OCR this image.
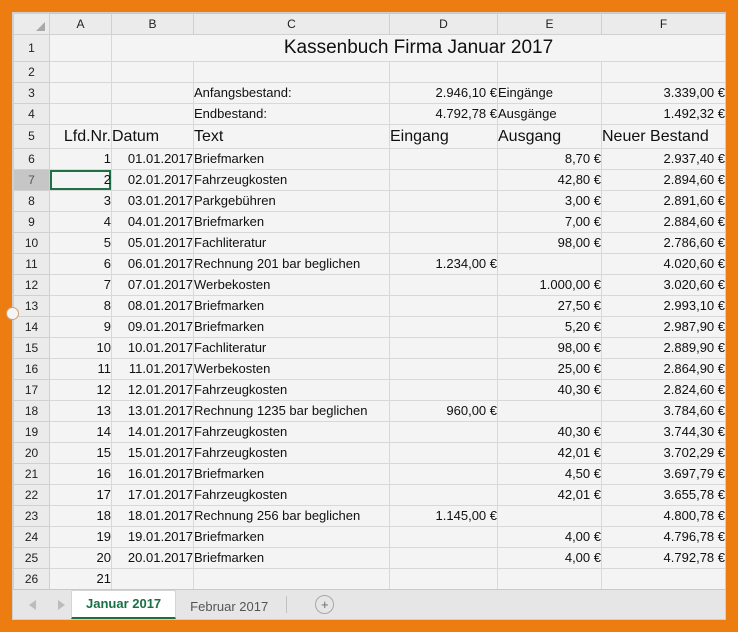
	A	B	C	D	E	F
1		Kassenbuch Firma Januar 2017				
2						
3			Anfangsbestand:	2.946,10 €	Eingänge	3.339,00 €
4			Endbestand:	4.792,78 €	Ausgänge	1.492,32 €
5	Lfd.Nr.	Datum	Text	Eingang	Ausgang	Neuer Bestand
6	1	01.01.2017	Briefmarken		8,70 €	2.937,40 €
7	2	02.01.2017	Fahrzeugkosten		42,80 €	2.894,60 €
8	3	03.01.2017	Parkgebühren		3,00 €	2.891,60 €
9	4	04.01.2017	Briefmarken		7,00 €	2.884,60 €
10	5	05.01.2017	Fachliteratur		98,00 €	2.786,60 €
11	6	06.01.2017	Rechnung 201 bar beglichen	1.234,00 €		4.020,60 €
12	7	07.01.2017	Werbekosten		1.000,00 €	3.020,60 €
13	8	08.01.2017	Briefmarken		27,50 €	2.993,10 €
14	9	09.01.2017	Briefmarken		5,20 €	2.987,90 €
15	10	10.01.2017	Fachliteratur		98,00 €	2.889,90 €
16	11	11.01.2017	Werbekosten		25,00 €	2.864,90 €
17	12	12.01.2017	Fahrzeugkosten		40,30 €	2.824,60 €
18	13	13.01.2017	Rechnung 1235 bar beglichen	960,00 €		3.784,60 €
19	14	14.01.2017	Fahrzeugkosten		40,30 €	3.744,30 €
20	15	15.01.2017	Fahrzeugkosten		42,01 €	3.702,29 €
21	16	16.01.2017	Briefmarken		4,50 €	3.697,79 €
22	17	17.01.2017	Fahrzeugkosten		42,01 €	3.655,78 €
23	18	18.01.2017	Rechnung 256 bar beglichen	1.145,00 €		4.800,78 €
24	19	19.01.2017	Briefmarken		4,00 €	4.796,78 €
25	20	20.01.2017	Briefmarken		4,00 €	4.792,78 €
26	21					

Januar 2017	Februar 2017	+
